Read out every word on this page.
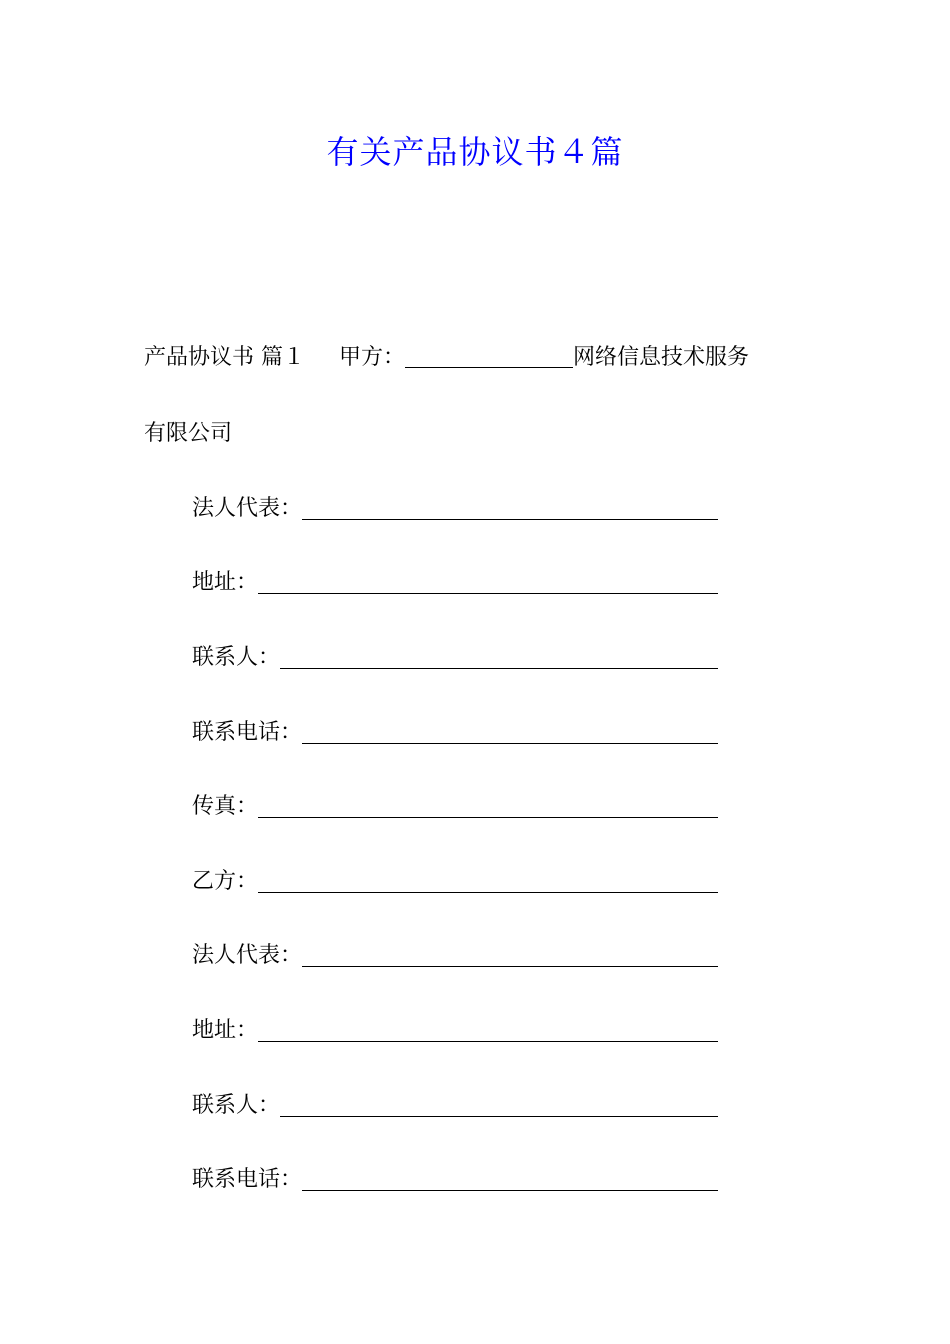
有关产品协议书４篇
产品协议书 篇１ 甲方：	网络信息技术服务
有限公司
法人代表：
地址：
联系人：
联系电话：
传真：
乙方：
法人代表：
地址：
联系人：
联系电话：
